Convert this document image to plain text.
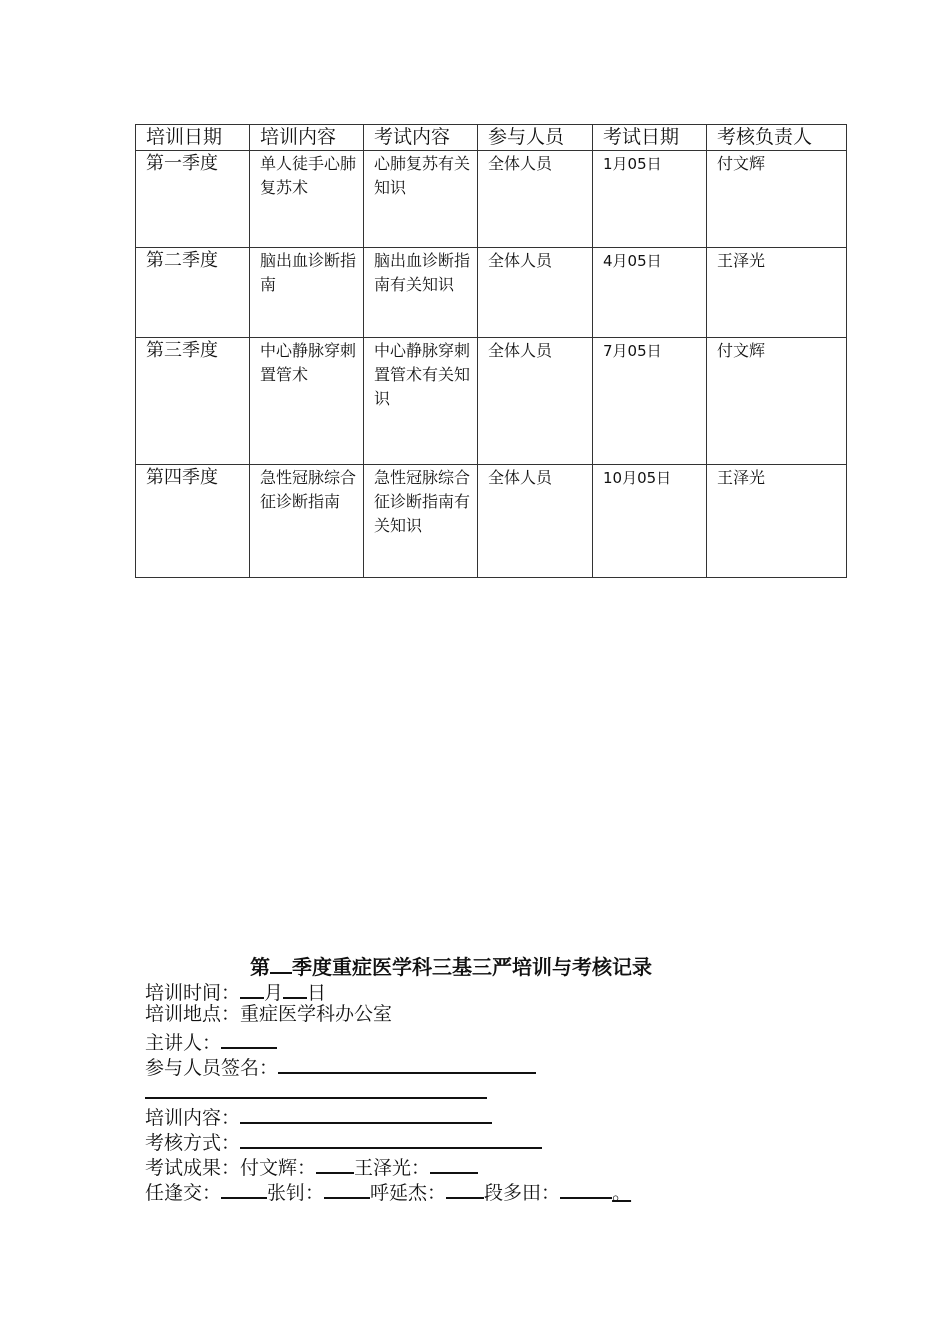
培训日期	培训内容	考试内容	参与人员	考试日期	考核负责人
第一季度	单人徒手心肺复苏术	心肺复苏有关知识	全体人员	1月05日	付文辉
第二季度	脑出血诊断指南	脑出血诊断指南有关知识	全体人员	4月05日	王泽光
第三季度	中心静脉穿刺置管术	中心静脉穿刺置管术有关知识	全体人员	7月05日	付文辉
第四季度	急性冠脉综合征诊断指南	急性冠脉综合征诊断指南有关知识	全体人员	10月05日	王泽光
第 季度重症医学科三基三严培训与考核记录
培训时间： 月 日
培训地点：重症医学科办公室
主讲人：
参与人员签名：
培训内容：
考核方式：
考试成果：付文辉： 王泽光：
任逢交： 张钊： 呼延杰： 段多田：	。
